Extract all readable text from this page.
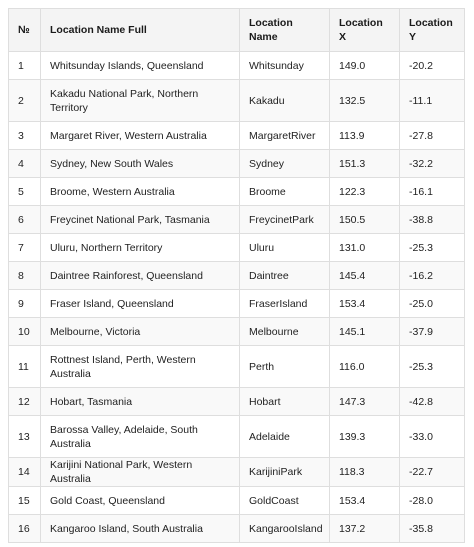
№	Location Name Full	Location Name	Location X	Location Y
1	Whitsunday Islands, Queensland	Whitsunday	149.0	-20.2
2	Kakadu National Park, Northern Territory	Kakadu	132.5	-11.1
3	Margaret River, Western Australia	MargaretRiver	113.9	-27.8
4	Sydney, New South Wales	Sydney	151.3	-32.2
5	Broome, Western Australia	Broome	122.3	-16.1
6	Freycinet National Park, Tasmania	FreycinetPark	150.5	-38.8
7	Uluru, Northern Territory	Uluru	131.0	-25.3
8	Daintree Rainforest, Queensland	Daintree	145.4	-16.2
9	Fraser Island, Queensland	FraserIsland	153.4	-25.0
10	Melbourne, Victoria	Melbourne	145.1	-37.9
11	Rottnest Island, Perth, Western Australia	Perth	116.0	-25.3
12	Hobart, Tasmania	Hobart	147.3	-42.8
13	Barossa Valley, Adelaide, South Australia	Adelaide	139.3	-33.0
14	Karijini National Park, Western Australia	KarijiniPark	118.3	-22.7
15	Gold Coast, Queensland	GoldCoast	153.4	-28.0
16	Kangaroo Island, South Australia	KangarooIsland	137.2	-35.8
